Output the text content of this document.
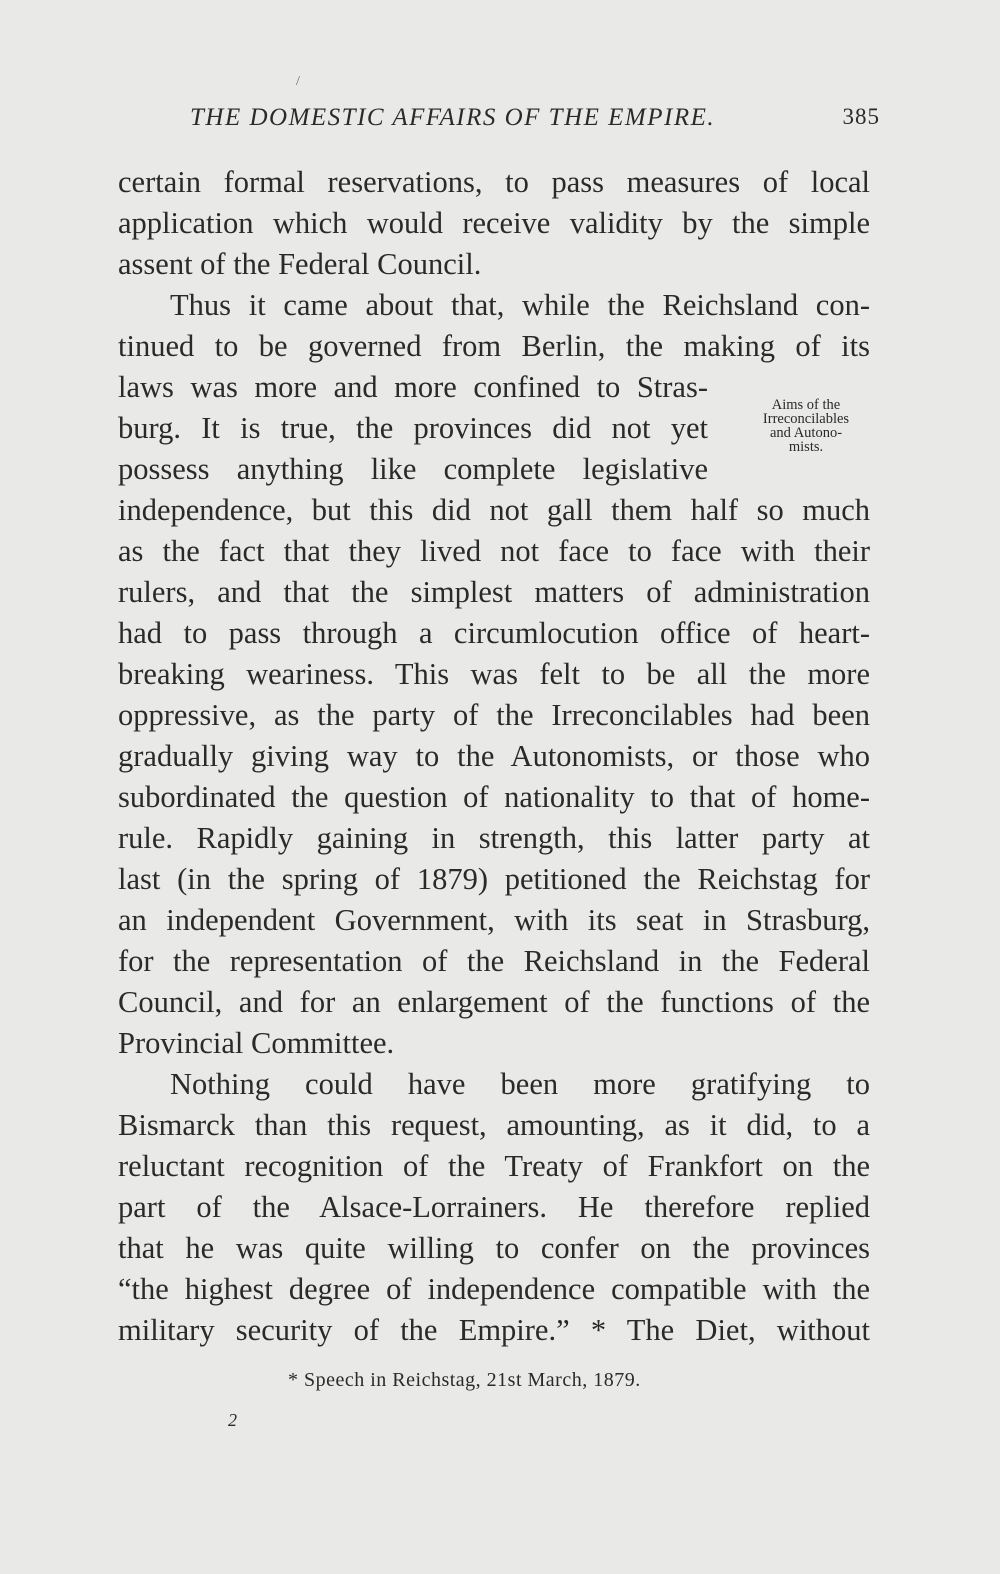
/
THE DOMESTIC AFFAIRS OF THE EMPIRE.	385
certain formal reservations, to pass measures of local
application which would receive validity by the simple
assent of the Federal Council.
Thus it came about that, while the Reichsland con-
tinued to be governed from Berlin, the making of its
laws was more and more confined to Stras-
burg. It is true, the provinces did not yet
possess anything like complete legislative
independence, but this did not gall them half so much
as the fact that they lived not face to face with their
rulers, and that the simplest matters of administration
had to pass through a circumlocution office of heart-
breaking weariness. This was felt to be all the more
oppressive, as the party of the Irreconcilables had been
gradually giving way to the Autonomists, or those who
subordinated the question of nationality to that of home-
rule. Rapidly gaining in strength, this latter party at
last (in the spring of 1879) petitioned the Reichstag for
an independent Government, with its seat in Strasburg,
for the representation of the Reichsland in the Federal
Council, and for an enlargement of the functions of the
Provincial Committee.
Nothing could have been more gratifying to
Bismarck than this request, amounting, as it did, to a
reluctant recognition of the Treaty of Frankfort on the
part of the Alsace-Lorrainers. He therefore replied
that he was quite willing to confer on the provinces
“the highest degree of independence compatible with the
military security of the Empire.” * The Diet, without
Aims of the
Irreconcilables
and Autono-
mists.
* Speech in Reichstag, 21st March, 1879.
2
